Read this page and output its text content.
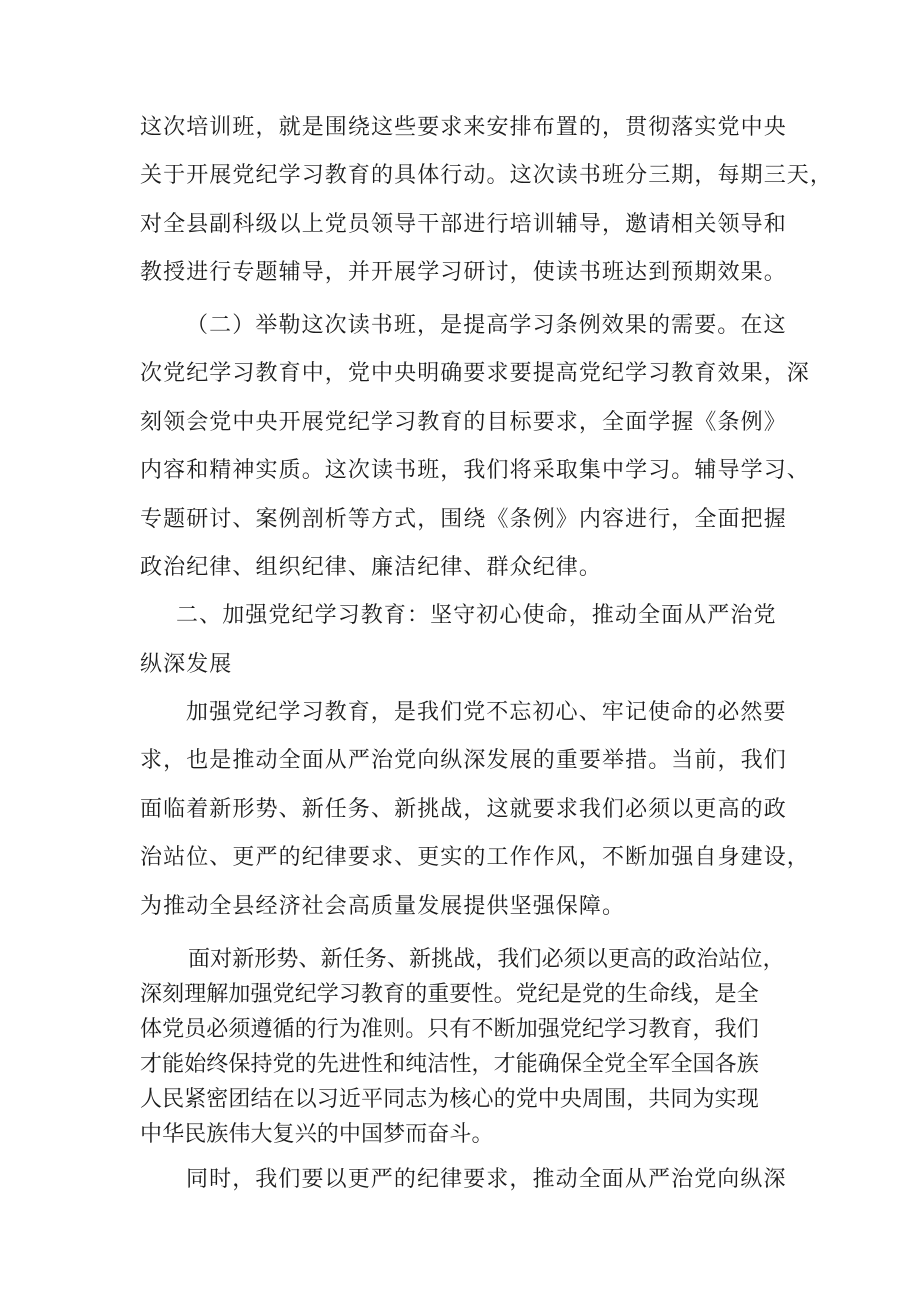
这次培训班，就是围绕这些要求来安排布置的，贯彻落实党中央
关于开展党纪学习教育的具体行动。这次读书班分三期，每期三天，
对全县副科级以上党员领导干部进行培训辅导，邀请相关领导和
教授进行专题辅导，并开展学习研讨，使读书班达到预期效果。
（二）举勒这次读书班，是提高学习条例效果的需要。在这
次党纪学习教育中，党中央明确要求要提高党纪学习教育效果，深
刻领会党中央开展党纪学习教育的目标要求，全面学握《条例》
内容和精神实质。这次读书班，我们将采取集中学习。辅导学习、
专题研讨、案例剖析等方式，围绕《条例》内容进行，全面把握
政治纪律、组织纪律、廉洁纪律、群众纪律。
二、加强党纪学习教育：坚守初心使命，推动全面从严治党
纵深发展
加强党纪学习教育，是我们党不忘初心、牢记使命的必然要
求，也是推动全面从严治党向纵深发展的重要举措。当前，我们
面临着新形势、新任务、新挑战，这就要求我们必须以更高的政
治站位、更严的纪律要求、更实的工作作风，不断加强自身建设，
为推动全县经济社会高质量发展提供坚强保障。
面对新形势、新任务、新挑战，我们必须以更高的政治站位，
深刻理解加强党纪学习教育的重要性。党纪是党的生命线，是全
体党员必须遵循的行为准则。只有不断加强党纪学习教育，我们
才能始终保持党的先进性和纯洁性，才能确保全党全军全国各族
人民紧密团结在以习近平同志为核心的党中央周围，共同为实现
中华民族伟大复兴的中国梦而奋斗。
同时，我们要以更严的纪律要求，推动全面从严治党向纵深
